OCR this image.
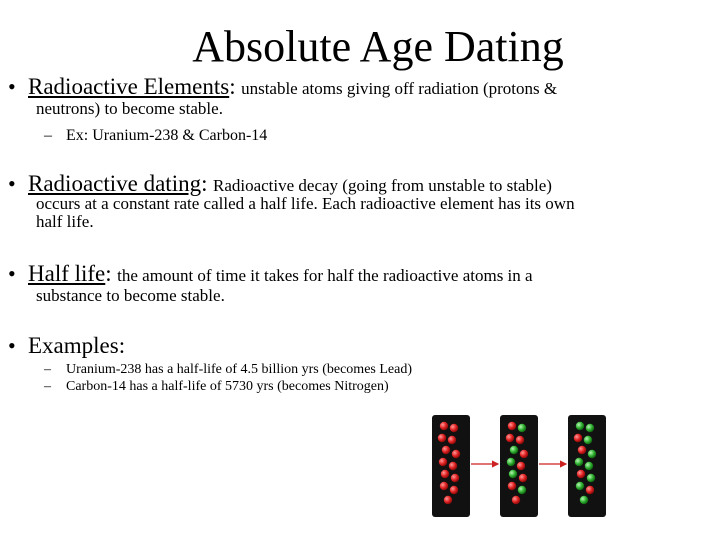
Absolute Age Dating
• Radioactive Elements: unstable atoms giving off radiation (protons &
neutrons) to become stable.
– Ex: Uranium-238 & Carbon-14
• Radioactive dating: Radioactive decay (going from unstable to stable)
occurs at a constant rate called a half life. Each radioactive element has its own
half life.
• Half life: the amount of time it takes for half the radioactive atoms in a
substance to become stable.
• Examples:
– Uranium-238 has a half-life of 4.5 billion yrs (becomes Lead)
– Carbon-14 has a half-life of 5730 yrs (becomes Nitrogen)
